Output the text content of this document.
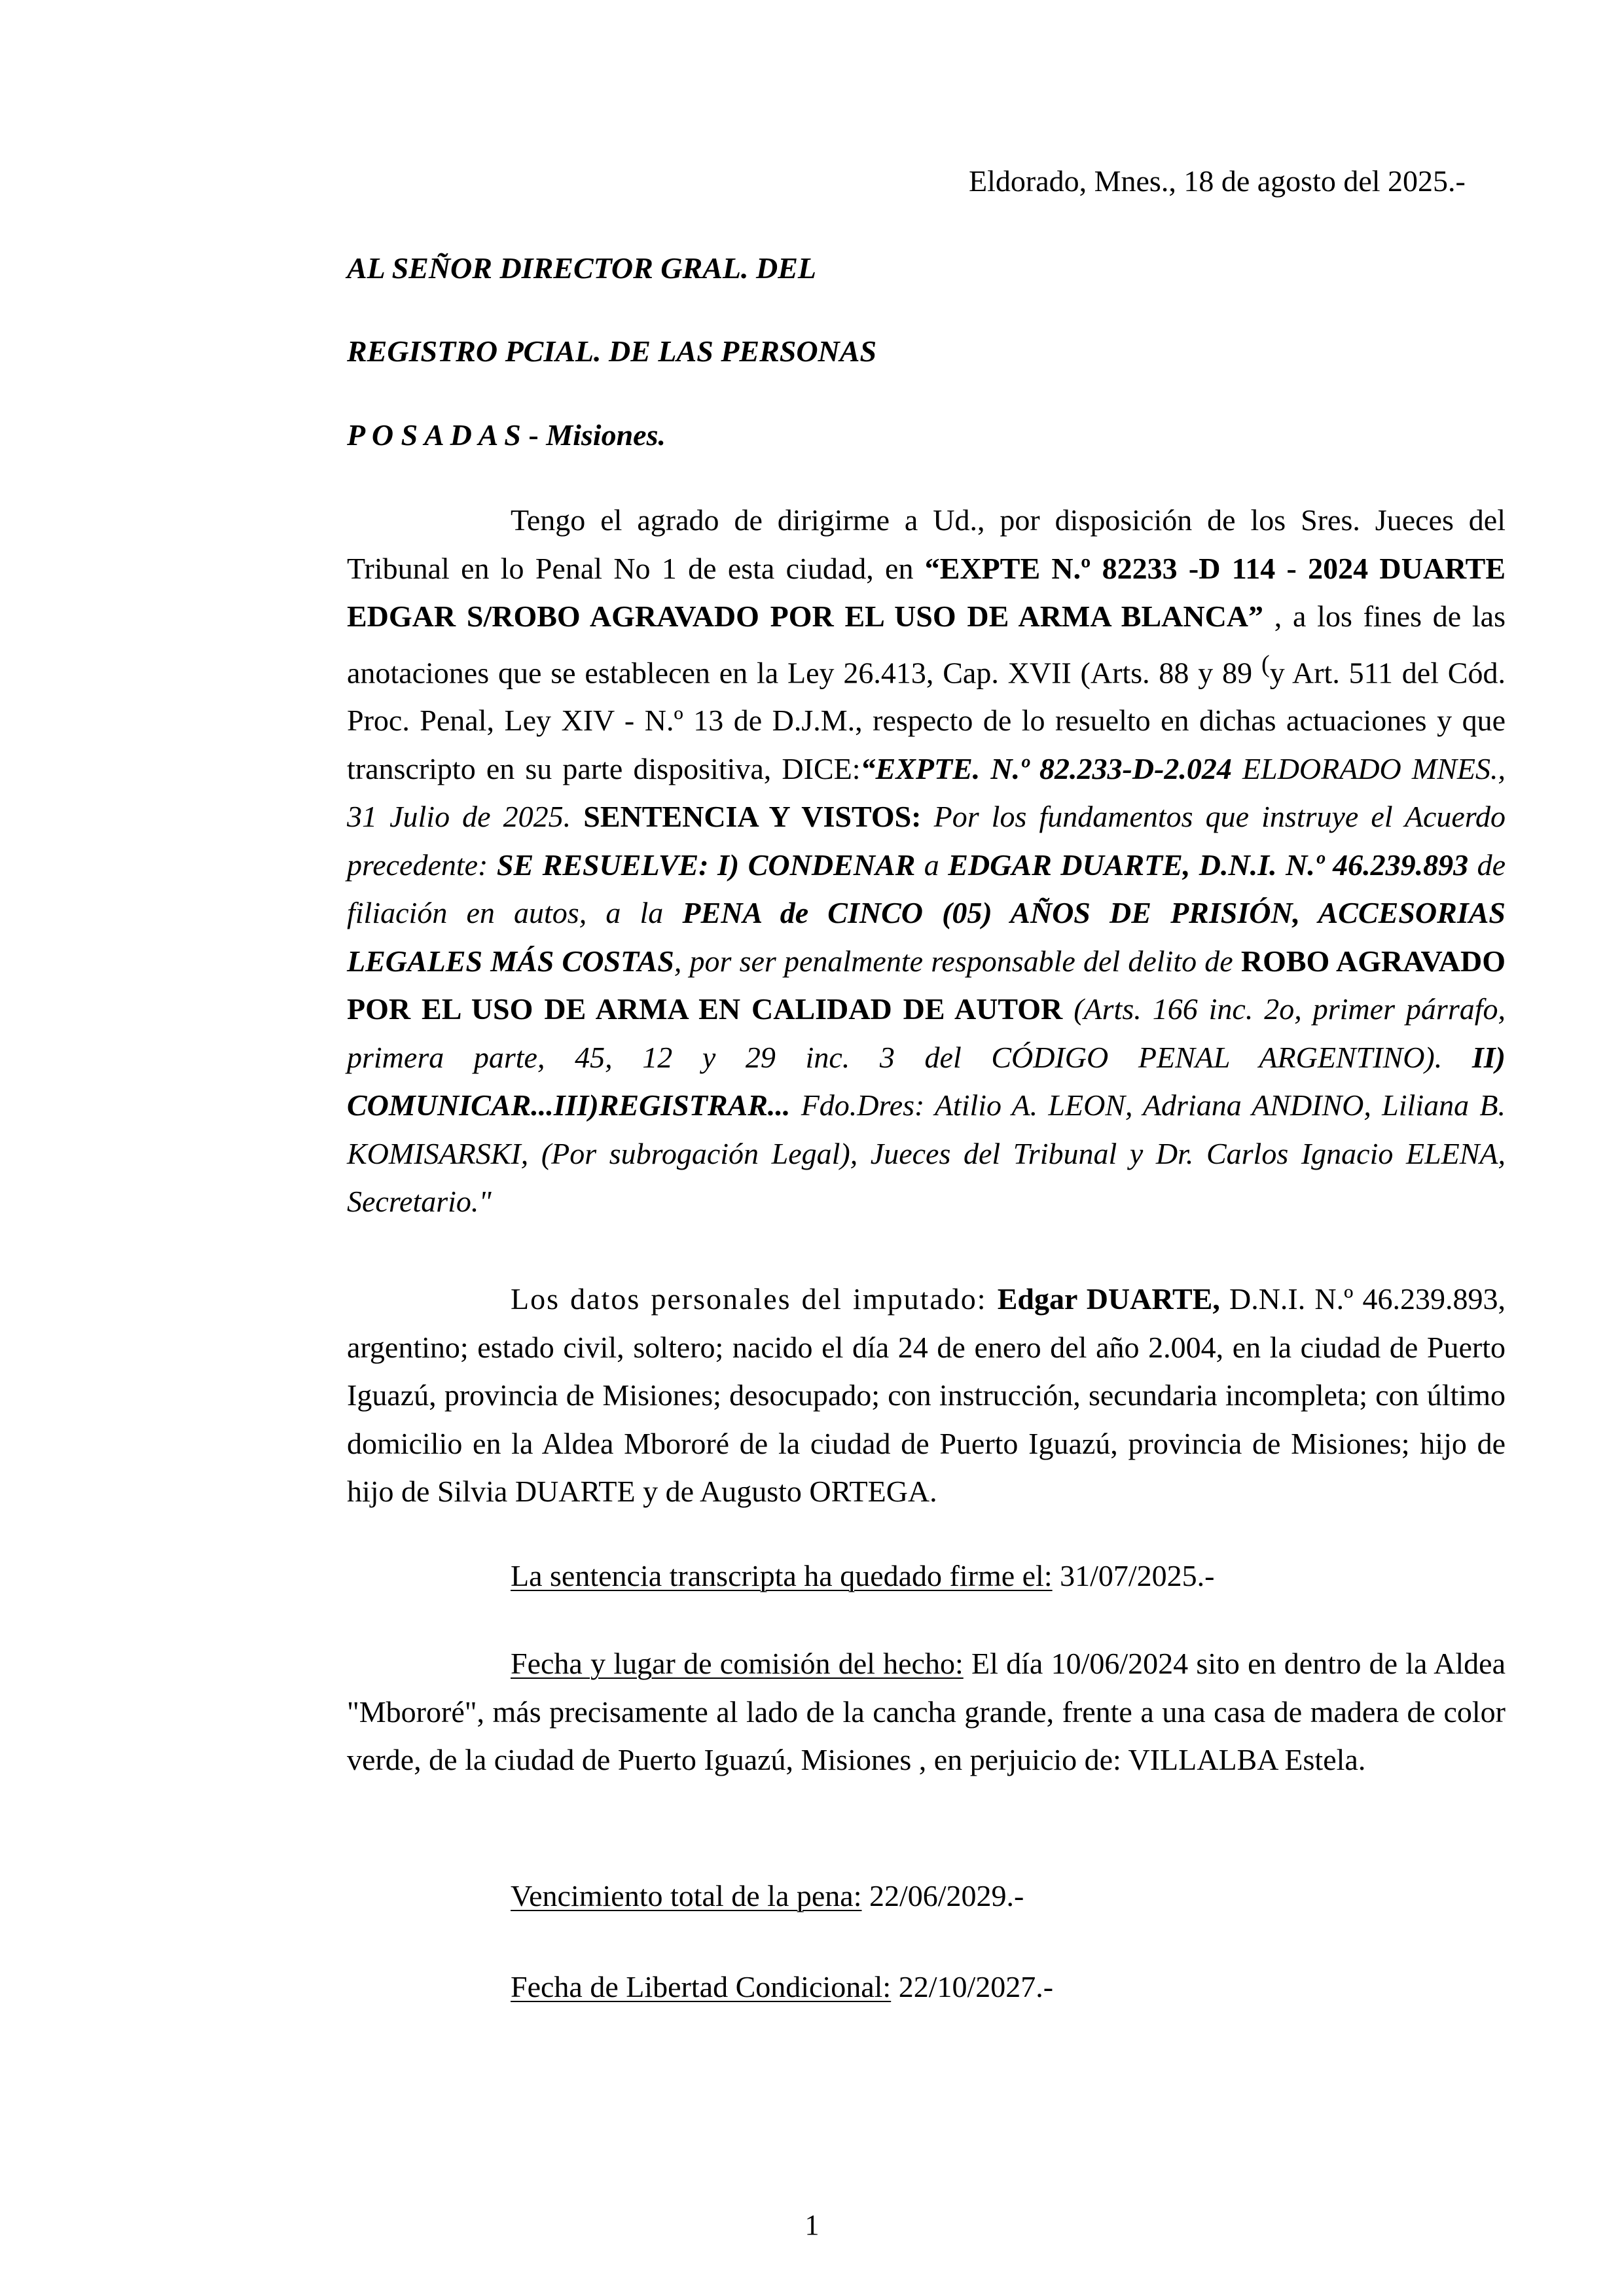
Eldorado, Mnes., 18 de agosto del 2025.-
AL SEÑOR DIRECTOR GRAL. DEL
REGISTRO PCIAL. DE LAS PERSONAS
P O S A D A S - Misiones.

Tengo el agrado de dirigirme a Ud., por disposición de los Sres. Jueces del Tribunal en lo Penal No 1 de esta ciudad, en “EXPTE N.º 82233 -D 114 - 2024 DUARTE EDGAR S/ROBO AGRAVADO POR EL USO DE ARMA BLANCA” , a los fines de las anotaciones que se establecen en la Ley 26.413, Cap. XVII (Arts. 88 y 89 (y Art. 511 del Cód. Proc. Penal, Ley XIV - N.º 13 de D.J.M., respecto de lo resuelto en dichas actuaciones y que transcripto en su parte dispositiva, DICE:“EXPTE. N.º 82.233-D-2.024 ELDORADO MNES., 31 Julio de 2025. SENTENCIA Y VISTOS: Por los fundamentos que instruye el Acuerdo precedente: SE RESUELVE: I) CONDENAR a EDGAR DUARTE, D.N.I. N.º 46.239.893 de filiación en autos, a la PENA de CINCO (05) AÑOS DE PRISIÓN, ACCESORIAS LEGALES MÁS COSTAS, por ser penalmente responsable del delito de ROBO AGRAVADO POR EL USO DE ARMA EN CALIDAD DE AUTOR (Arts. 166 inc. 2o, primer párrafo, primera parte, 45, 12 y 29 inc. 3 del CÓDIGO PENAL ARGENTINO). II) COMUNICAR...III)REGISTRAR... Fdo.Dres: Atilio A. LEON, Adriana ANDINO, Liliana B. KOMISARSKI, (Por subrogación Legal), Jueces del Tribunal y Dr. Carlos Ignacio ELENA, Secretario."

Los datos personales del imputado: Edgar DUARTE, D.N.I. N.º 46.239.893, argentino; estado civil, soltero; nacido el día 24 de enero del año 2.004, en la ciudad de Puerto Iguazú, provincia de Misiones; desocupado; con instrucción, secundaria incompleta; con último domicilio en la Aldea Mbororé de la ciudad de Puerto Iguazú, provincia de Misiones; hijo de hijo de Silvia DUARTE y de Augusto ORTEGA.

La sentencia transcripta ha quedado firme el: 31/07/2025.-

Fecha y lugar de comisión del hecho: El día 10/06/2024 sito en dentro de la Aldea "Mbororé", más precisamente al lado de la cancha grande, frente a una casa de madera de color verde, de la ciudad de Puerto Iguazú, Misiones , en perjuicio de: VILLALBA Estela.

Vencimiento total de la pena: 22/06/2029.-
Fecha de Libertad Condicional: 22/10/2027.-
1
